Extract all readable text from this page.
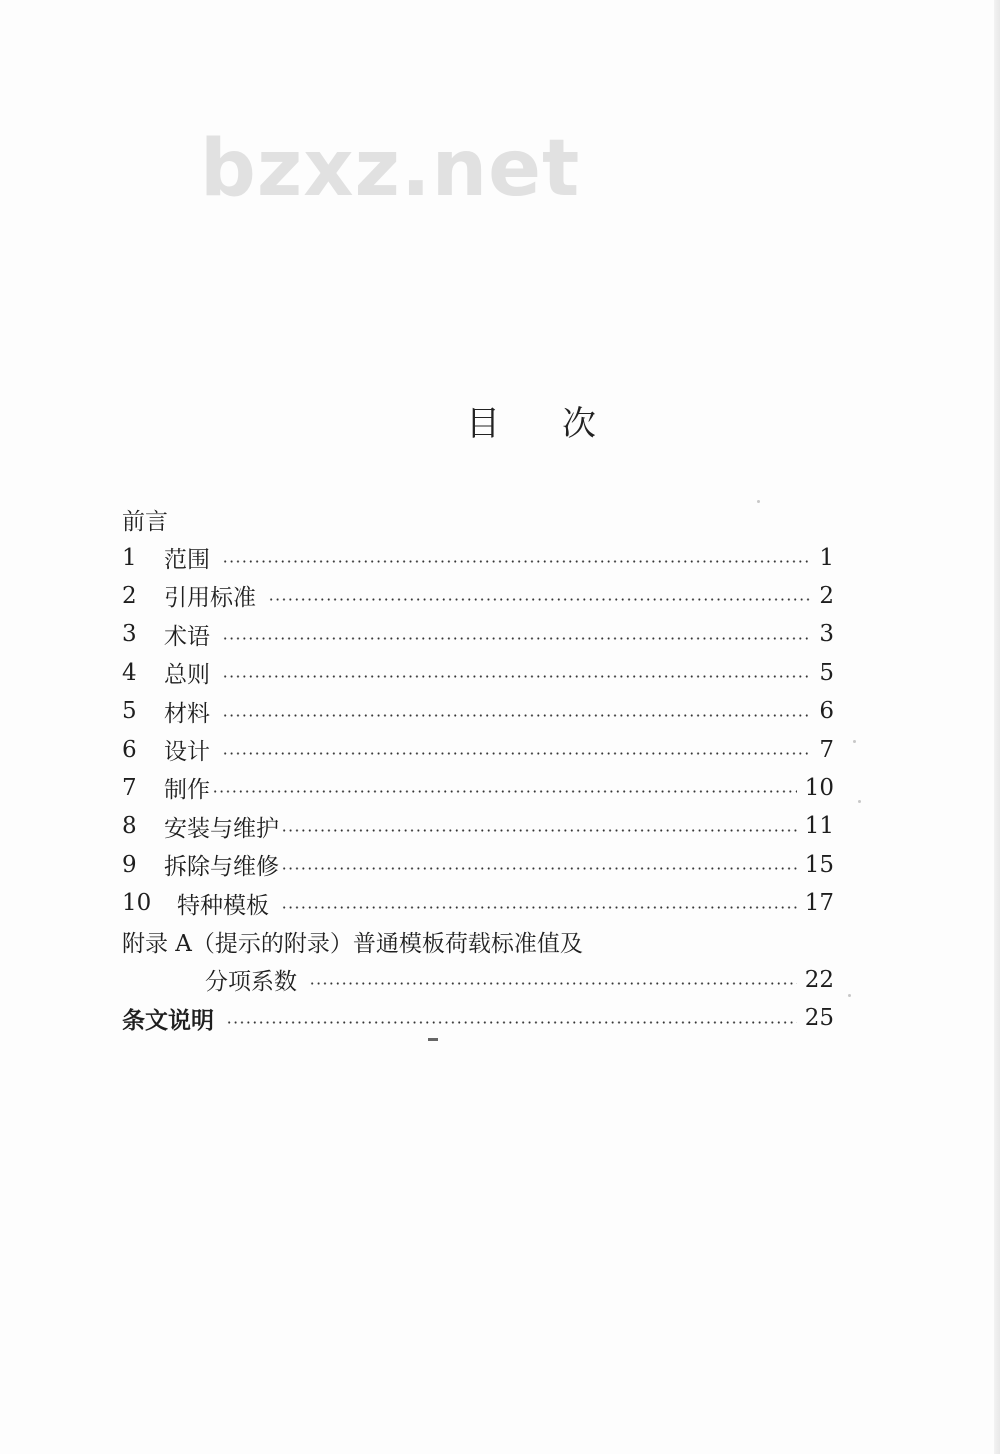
bzxz.net
目次
前言
1	范围	1
2	引用标准	2
3	术语	3
4	总则	5
5	材料	6
6	设计	7
7	制作	10
8	安装与维护	11
9	拆除与维修	15
10	特种模板	17
附录 A（提示的附录）普通模板荷载标准值及
分项系数	22
条文说明	25
